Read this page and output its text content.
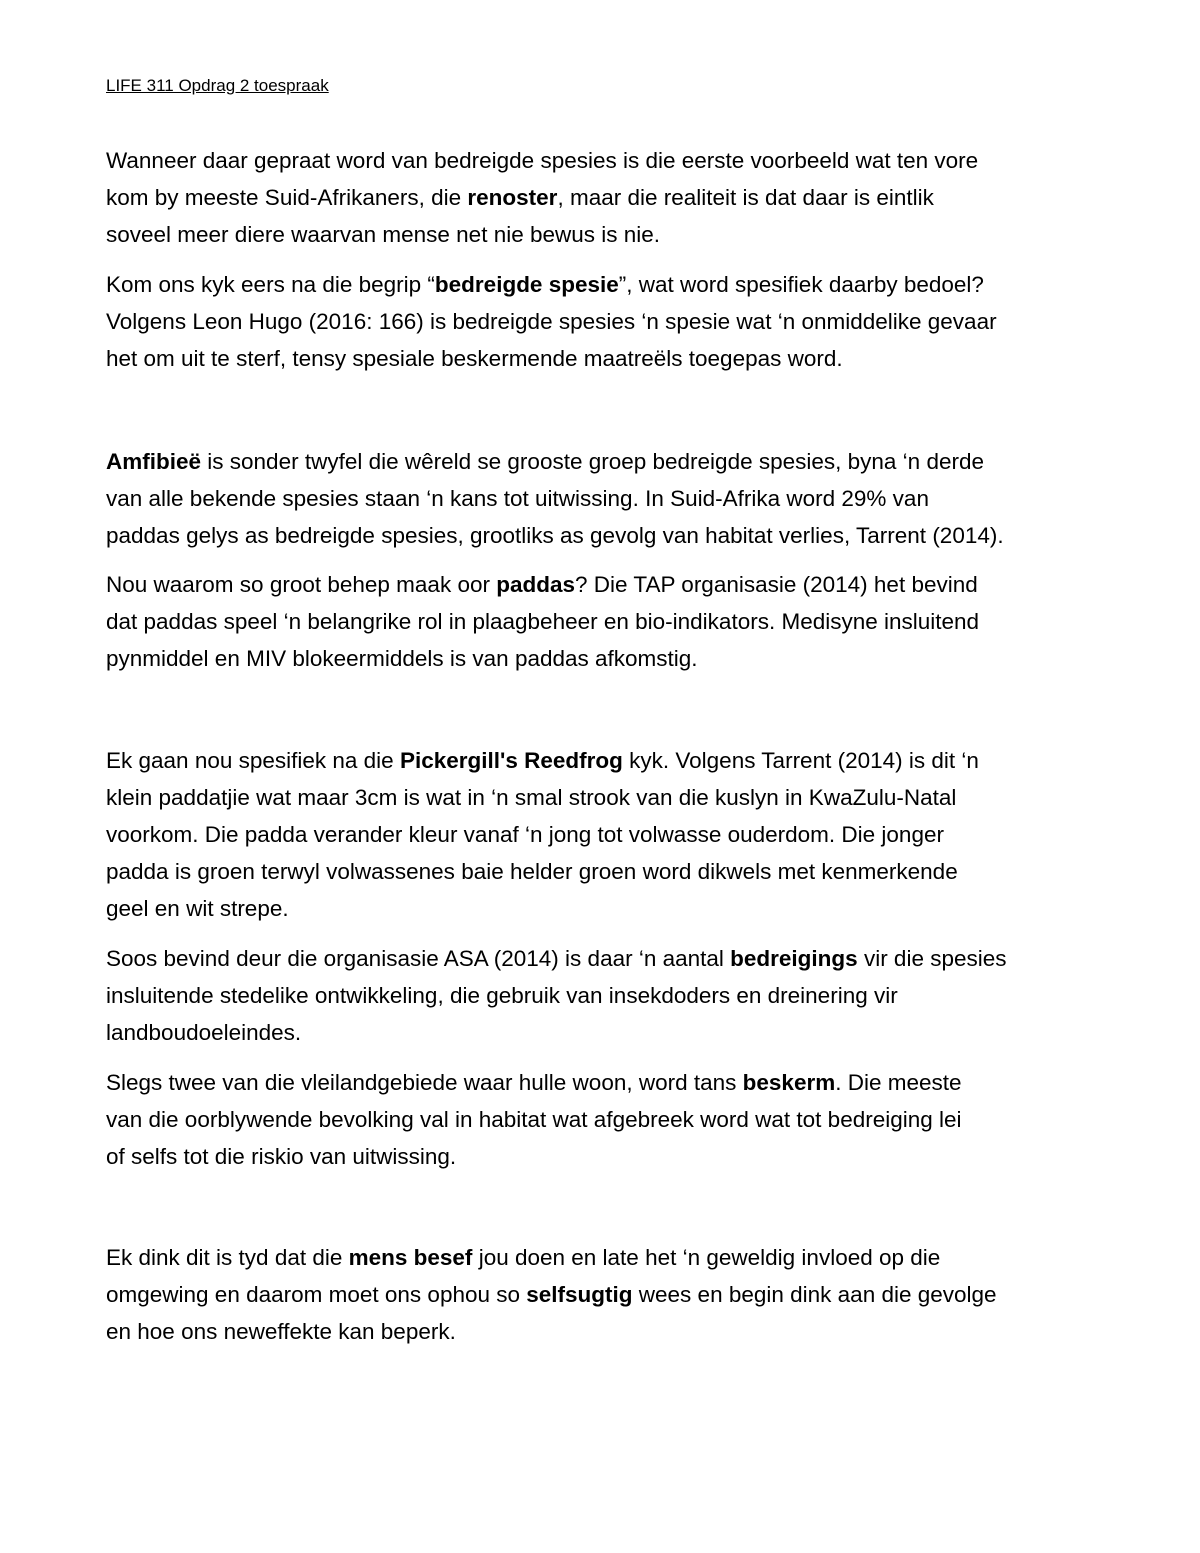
LIFE 311 Opdrag 2 toespraak
Wanneer daar gepraat word van bedreigde spesies is die eerste voorbeeld wat ten vore
kom by meeste Suid-Afrikaners, die renoster, maar die realiteit is dat daar is eintlik
soveel meer diere waarvan mense net nie bewus is nie.
Kom ons kyk eers na die begrip “bedreigde spesie”, wat word spesifiek daarby bedoel?
Volgens Leon Hugo (2016: 166) is bedreigde spesies ‘n spesie wat ‘n onmiddelike gevaar
het om uit te sterf, tensy spesiale beskermende maatreëls toegepas word.
Amfibieë is sonder twyfel die wêreld se grooste groep bedreigde spesies, byna ‘n derde
van alle bekende spesies staan ‘n kans tot uitwissing. In Suid-Afrika word 29% van
paddas gelys as bedreigde spesies, grootliks as gevolg van habitat verlies, Tarrent (2014).
Nou waarom so groot behep maak oor paddas? Die TAP organisasie (2014) het bevind
dat paddas speel ‘n belangrike rol in plaagbeheer en bio-indikators. Medisyne insluitend
pynmiddel en MIV blokeermiddels is van paddas afkomstig.
Ek gaan nou spesifiek na die Pickergill's Reedfrog kyk. Volgens Tarrent (2014) is dit ‘n
klein paddatjie wat maar 3cm is wat in ‘n smal strook van die kuslyn in KwaZulu-Natal
voorkom. Die padda verander kleur vanaf ‘n jong tot volwasse ouderdom. Die jonger
padda is groen terwyl volwassenes baie helder groen word dikwels met kenmerkende
geel en wit strepe.
Soos bevind deur die organisasie ASA (2014) is daar ‘n aantal bedreigings vir die spesies
insluitende stedelike ontwikkeling, die gebruik van insekdoders en dreinering vir
landboudoeleindes.
Slegs twee van die vleilandgebiede waar hulle woon, word tans beskerm. Die meeste
van die oorblywende bevolking val in habitat wat afgebreek word wat tot bedreiging lei
of selfs tot die riskio van uitwissing.
Ek dink dit is tyd dat die mens besef jou doen en late het ‘n geweldig invloed op die
omgewing en daarom moet ons ophou so selfsugtig wees en begin dink aan die gevolge
en hoe ons neweffekte kan beperk.
